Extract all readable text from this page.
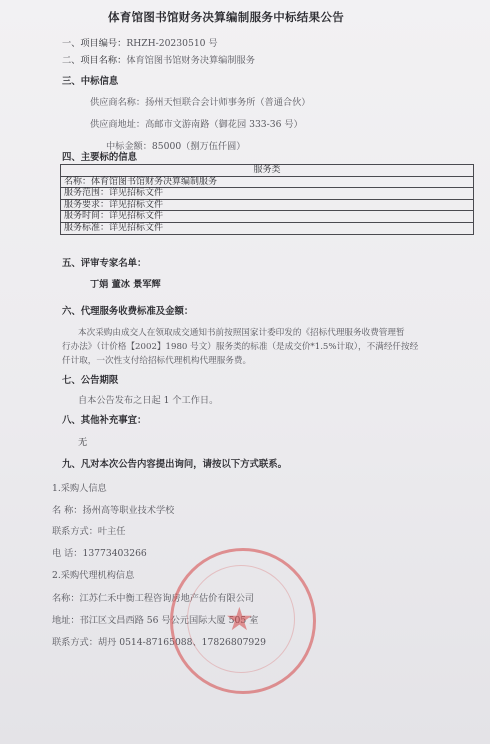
体育馆图书馆财务决算编制服务中标结果公告
一、项目编号：RHZH-20230510 号
二、项目名称：体育馆图书馆财务决算编制服务
三、中标信息
供应商名称：扬州天恒联合会计师事务所（普通合伙）
供应商地址：高邮市文游南路（御花园 333-36 号）
中标金额：85000（捌万伍仟圆）
四、主要标的信息
服务类
名称：体育馆图书馆财务决算编制服务
服务范围：详见招标文件
服务要求：详见招标文件
服务时间：详见招标文件
服务标准：详见招标文件
五、评审专家名单：
丁娟 董冰 景军辉
六、代理服务收费标准及金额：
本次采购由成交人在领取成交通知书前按照国家计委印发的《招标代理服务收费管理暂
行办法》（计价格【2002】1980 号文）服务类的标准（是成交价*1.5%计取），不满经仟按经
仟计取，一次性支付给招标代理机构代理服务费。
七、公告期限
自本公告发布之日起 1 个工作日。
八、其他补充事宜：
无
九、凡对本次公告内容提出询问，请按以下方式联系。
1.采购人信息
名 称：扬州高等职业技术学校
联系方式：叶主任
电 话：13773403266
2.采购代理机构信息
名称：江苏仁禾中衡工程咨询房地产估价有限公司
地址：邗江区文昌西路 56 号公元国际大厦 505 室
联系方式：胡丹 0514-87165088、17826807929
★
